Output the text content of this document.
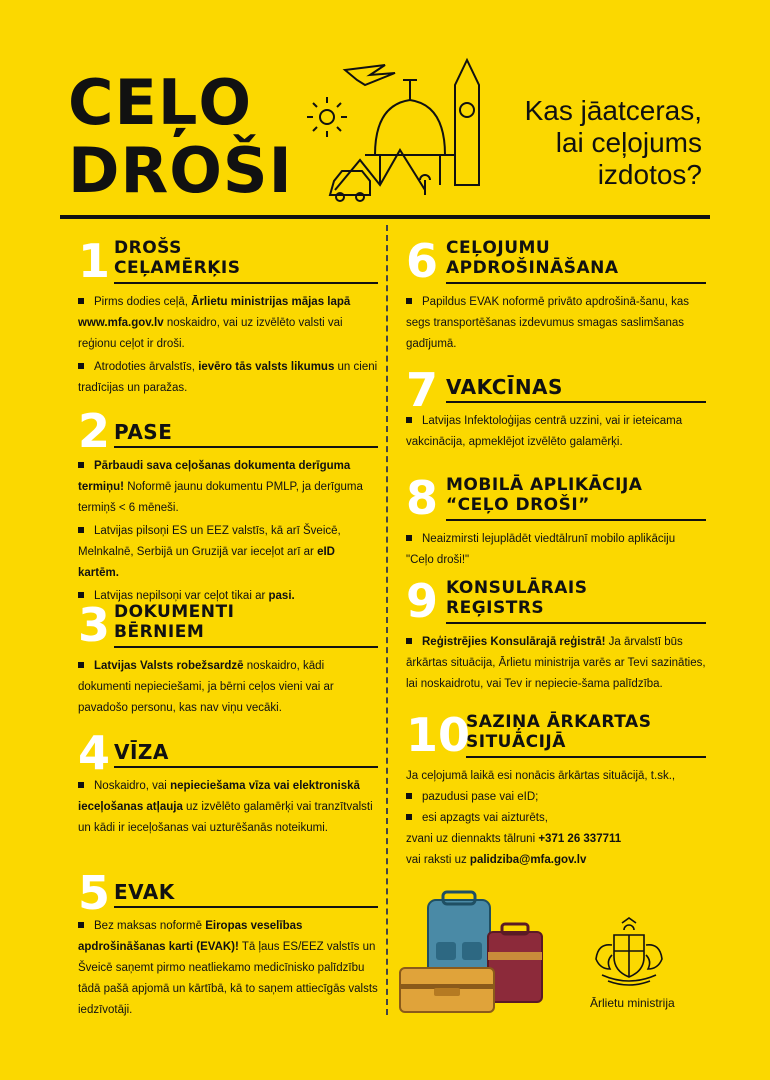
CEĻO
DROŠI
Kas jāatceras,
lai ceļojums
izdotos?
1 DROŠS
CEĻAMĒRĶIS
Pirms dodies ceļā, Ārlietu ministrijas mājas lapā www.mfa.gov.lv noskaidro, vai uz izvēlēto valsti vai reģionu ceļot ir droši.
Atrodoties ārvalstīs, ievēro tās valsts likumus un cieni tradīcijas un paražas.
2 PASE
Pārbaudi sava ceļošanas dokumenta derīguma termiņu! Noformē jaunu dokumentu PMLP, ja derīguma termiņš < 6 mēneši.
Latvijas pilsoņi ES un EEZ valstīs, kā arī Šveicē, Melnkalnē, Serbijā un Gruzijā var ieceļot arī ar eID kartēm.
Latvijas nepilsoņi var ceļot tikai ar pasi.
3 DOKUMENTI
BĒRNIEM
Latvijas Valsts robežsardzē noskaidro, kādi dokumenti nepieciešami, ja bērni ceļos vieni vai ar pavadošo personu, kas nav viņu vecāki.
4 VĪZA
Noskaidro, vai nepieciešama vīza vai elektroniskā ieceļošanas atļauja uz izvēlēto galamērķi vai tranzītvalsti un kādi ir ieceļošanas vai uzturēšanās noteikumi.
5 EVAK
Bez maksas noformē Eiropas veselības apdrošināšanas karti (EVAK)! Tā ļaus ES/EEZ valstīs un Šveicē saņemt pirmo neatliekamo medicīnisko palīdzību tādā pašā apjomā un kārtībā, kā to saņem attiecīgās valsts iedzīvotāji.
6 CEĻOJUMU
APDROŠINĀŠANA
Papildus EVAK noformē privāto apdrošinā-šanu, kas segs transportēšanas izdevumus smagas saslimšanas gadījumā.
7 VAKCĪNAS
Latvijas Infektoloģijas centrā uzzini, vai ir ieteicama vakcinācija, apmeklējot izvēlēto galamērķi.
8 MOBILĀ APLIKĀCIJA
“CEĻO DROŠI”
Neaizmirsti lejuplādēt viedtālrunī mobilo aplikāciju "Ceļo droši!"
9 KONSULĀRAIS
REĢISTRS
Reģistrējies Konsulārajā reģistrā! Ja ārvalstī būs ārkārtas situācija, Ārlietu ministrija varēs ar Tevi sazināties, lai noskaidrotu, vai Tev ir nepiecie-šama palīdzība.
10
SAZIŅA ĀRKARTAS
SITUĀCIJĀ
Ja ceļojumā laikā esi nonācis ārkārtas situācijā, t.sk.,
pazudusi pase vai eID;
esi apzagts vai aizturēts,
zvani uz diennakts tālruni +371 26 337711
vai raksti uz palidziba@mfa.gov.lv
Ārlietu ministrija
